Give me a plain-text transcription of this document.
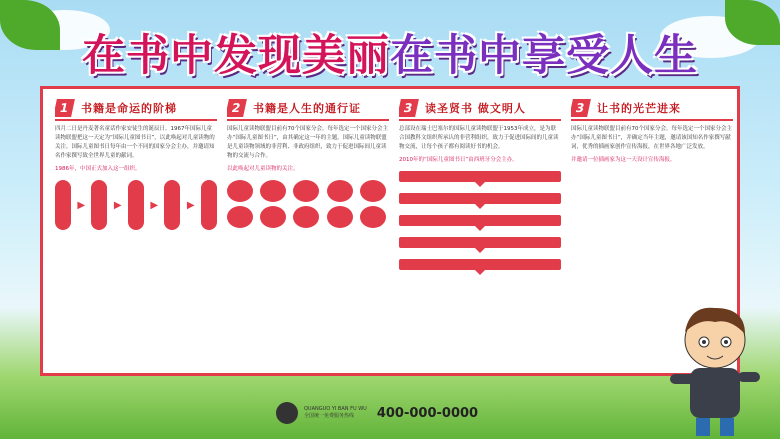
在书中发现美丽在书中享受人生
1	书籍是命运的阶梯
四月二日是丹麦著名童话作家安徒生的诞辰日。1967年国际儿童读物联盟把这一天定为“国际儿童图书日”，以此唤起对儿童读物的关注。国际儿童图书日每年由一个不同的国家分会主办，并邀请知名作家撰写致全世界儿童的献词。
1986年，中国正式加入这一组织。
▶	▶	▶	▶
2	书籍是人生的通行证
国际儿童读物联盟目前有70个国家分会。每年选定一个国家分会主办“国际儿童图书日”，由其确定这一年的主题。国际儿童读物联盟是儿童读物领域的非营利、非政府组织，致力于促进国际间儿童读物的交流与合作。
以此唤起对儿童读物的关注。
3	读圣贤书 做文明人
总部设在瑞士巴塞尔的国际儿童读物联盟于1953年成立，是为联合国教科文组织所承认的非营利组织，致力于促进国际间的儿童读物交流，让每个孩子都有阅读好书的机会。
2010年的“国际儿童图书日”由西班牙分会主办。
3	让书的光芒进来
国际儿童读物联盟目前有70个国家分会。每年选定一个国家分会主办“国际儿童图书日”，并确定当年主题，邀请该国知名作家撰写献词，优秀的插画家创作宣传海报，在世界各地广泛发放。
并邀请一位插画家为这一天设计宣传海报。
QUANGUO YI BAN FU WU
全国统一免费服务热线	400-000-0000
